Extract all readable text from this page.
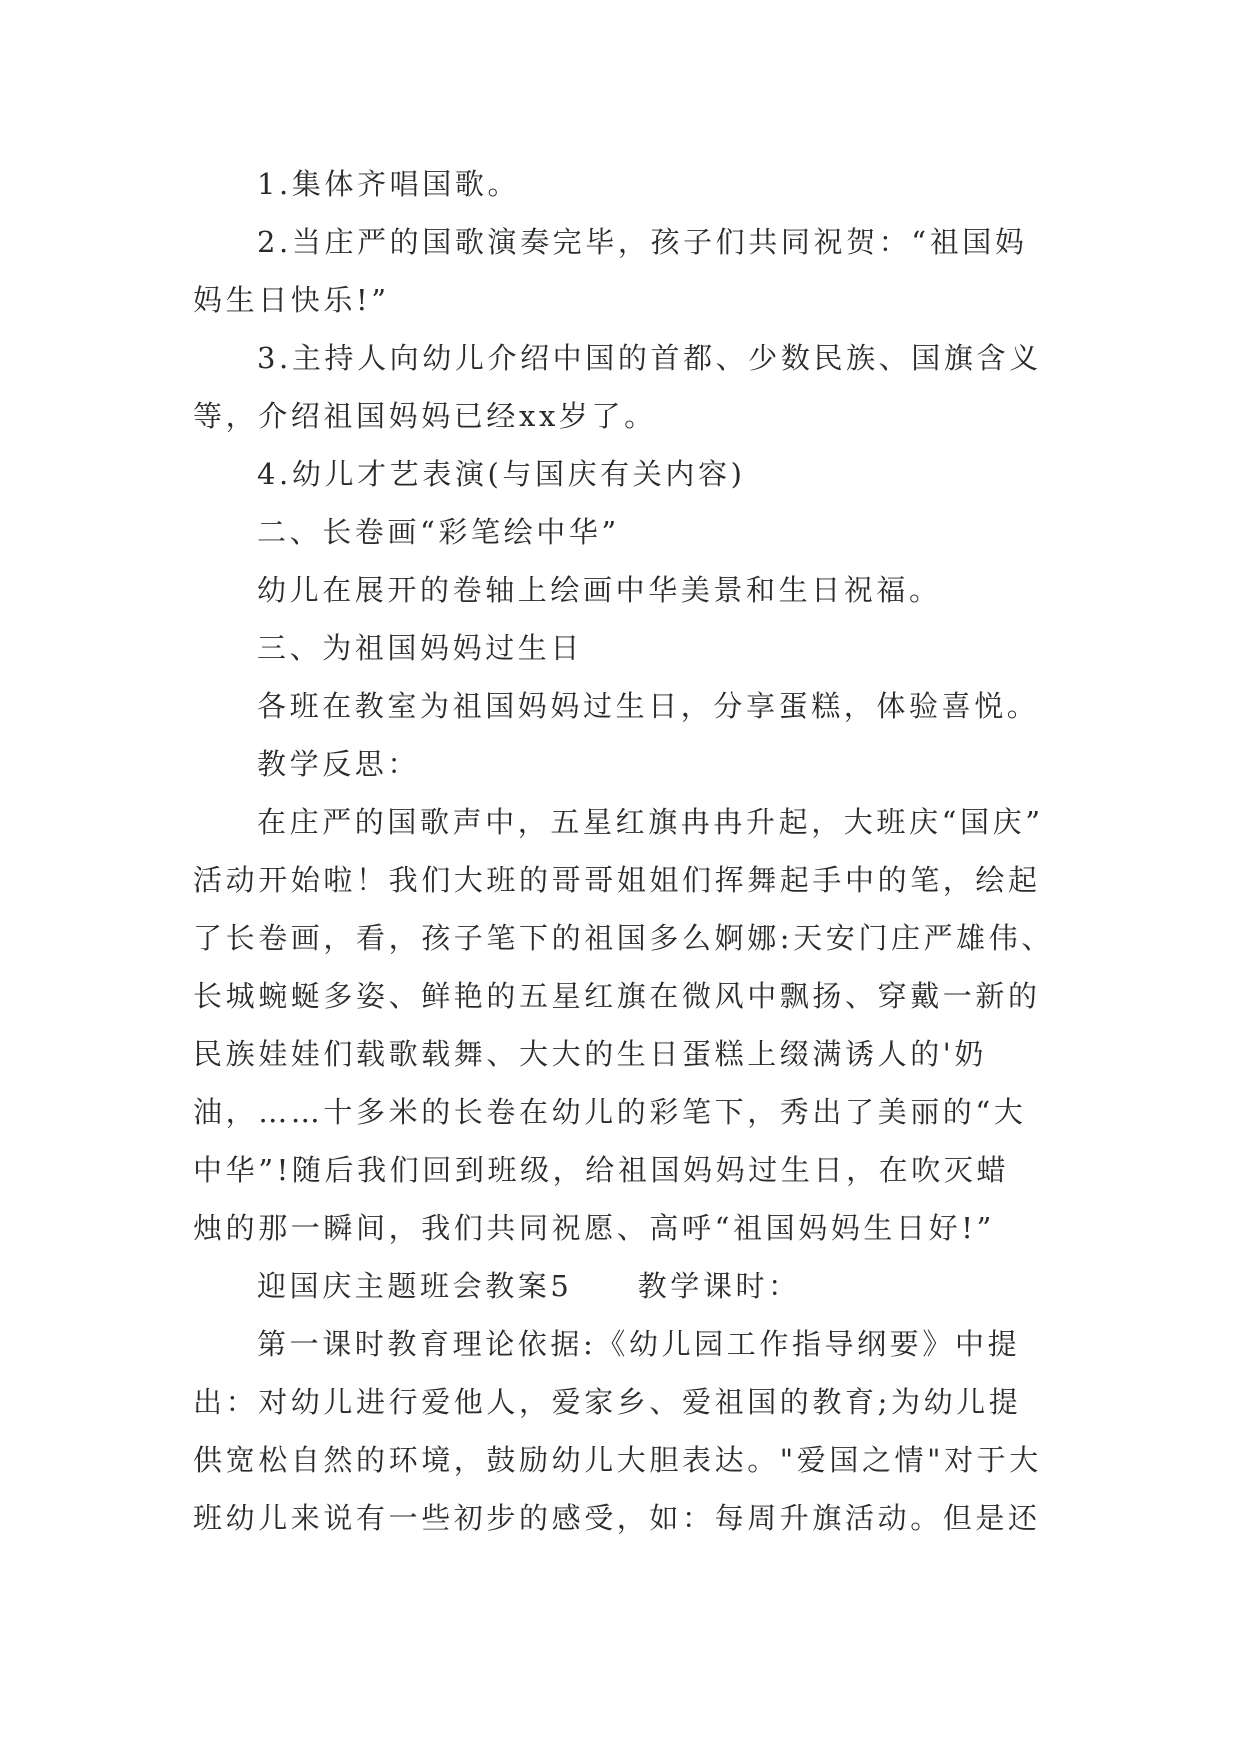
1.集体齐唱国歌。
2.当庄严的国歌演奏完毕，孩子们共同祝贺：“祖国妈
妈生日快乐!”
3.主持人向幼儿介绍中国的首都、少数民族、国旗含义
等，介绍祖国妈妈已经xx岁了。
4.幼儿才艺表演(与国庆有关内容)
二、长卷画“彩笔绘中华”
幼儿在展开的卷轴上绘画中华美景和生日祝福。
三、为祖国妈妈过生日
各班在教室为祖国妈妈过生日，分享蛋糕，体验喜悦。
教学反思：
在庄严的国歌声中，五星红旗冉冉升起，大班庆“国庆”
活动开始啦！我们大班的哥哥姐姐们挥舞起手中的笔，绘起
了长卷画，看，孩子笔下的祖国多么婀娜:天安门庄严雄伟、
长城蜿蜒多姿、鲜艳的五星红旗在微风中飘扬、穿戴一新的
民族娃娃们载歌载舞、大大的生日蛋糕上缀满诱人的'奶
油，……十多米的长卷在幼儿的彩笔下，秀出了美丽的“大
中华”!随后我们回到班级，给祖国妈妈过生日，在吹灭蜡
烛的那一瞬间，我们共同祝愿、高呼“祖国妈妈生日好!”
迎国庆主题班会教案5　　教学课时：
第一课时教育理论依据:《幼儿园工作指导纲要》中提
出：对幼儿进行爱他人，爱家乡、爱祖国的教育;为幼儿提
供宽松自然的环境，鼓励幼儿大胆表达。"爱国之情"对于大
班幼儿来说有一些初步的感受，如：每周升旗活动。但是还
